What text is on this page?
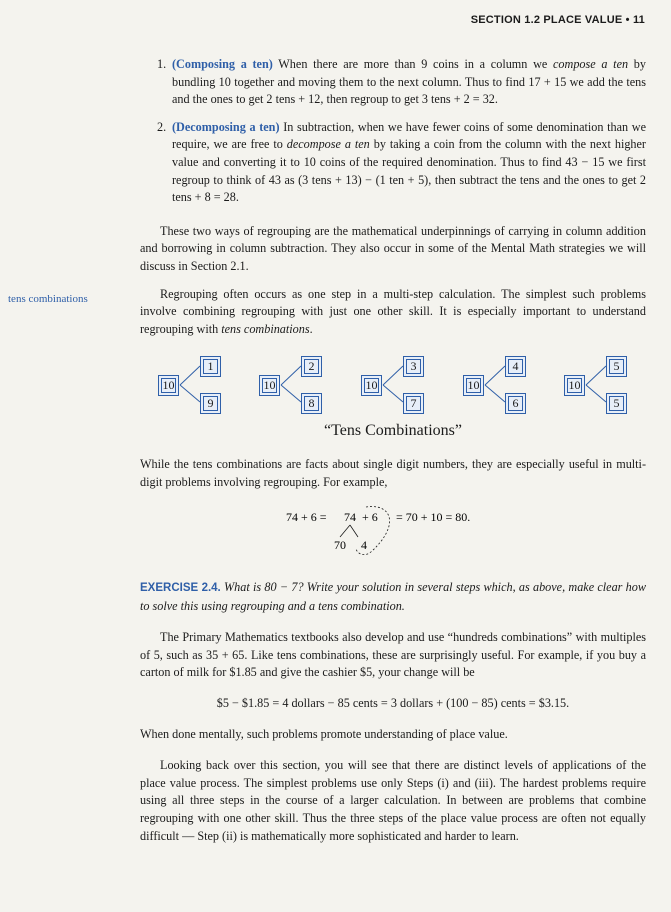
SECTION 1.2 PLACE VALUE • 11
tens combinations
1. (Composing a ten) When there are more than 9 coins in a column we compose a ten by bundling 10 together and moving them to the next column. Thus to find 17 + 15 we add the tens and the ones to get 2 tens + 12, then regroup to get 3 tens + 2 = 32.
2. (Decomposing a ten) In subtraction, when we have fewer coins of some denomination than we require, we are free to decompose a ten by taking a coin from the column with the next higher value and converting it to 10 coins of the required denomination. Thus to find 43 − 15 we first regroup to think of 43 as (3 tens + 13) − (1 ten + 5), then subtract the tens and the ones to get 2 tens + 8 = 28.

These two ways of regrouping are the mathematical underpinnings of carrying in column addition and borrowing in column subtraction. They also occur in some of the Mental Math strategies we will discuss in Section 2.1.

Regrouping often occurs as one step in a multi-step calculation. The simplest such problems involve combining regrouping with just one other skill. It is especially important to understand regrouping with tens combinations.

10
1
9
10
2
8
10
3
7
10
4
6
10
5
5
“Tens Combinations”

While the tens combinations are facts about single digit numbers, they are especially useful in multi-digit problems involving regrouping. For example,

74 + 6 = 74 + 6 = 70 + 10 = 80.
70 4

EXERCISE 2.4. What is 80 − 7? Write your solution in several steps which, as above, make clear how to solve this using regrouping and a tens combination.

The Primary Mathematics textbooks also develop and use “hundreds combinations” with multiples of 5, such as 35 + 65. Like tens combinations, these are surprisingly useful. For example, if you buy a carton of milk for $1.85 and give the cashier $5, your change will be

$5 − $1.85 = 4 dollars − 85 cents = 3 dollars + (100 − 85) cents = $3.15.

When done mentally, such problems promote understanding of place value.

Looking back over this section, you will see that there are distinct levels of applications of the place value process. The simplest problems use only Steps (i) and (iii). The hardest problems require using all three steps in the course of a larger calculation. In between are problems that combine regrouping with one other skill. Thus the three steps of the place value process are often not equally difficult — Step (ii) is mathematically more sophisticated and harder to learn.
